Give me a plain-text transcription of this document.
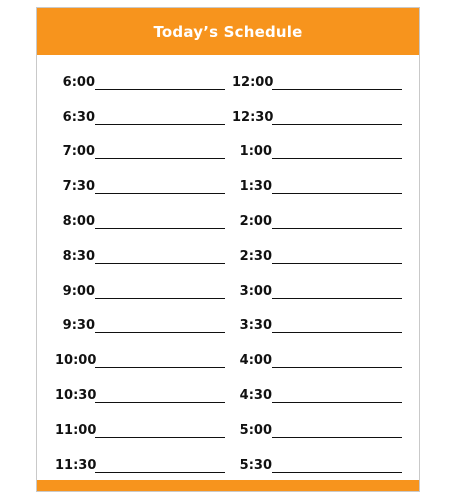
Today’s Schedule
6:00
6:30
7:00
7:30
8:00
8:30
9:00
9:30
10:00
10:30
11:00
11:30
12:00
12:30
1:00
1:30
2:00
2:30
3:00
3:30
4:00
4:30
5:00
5:30
